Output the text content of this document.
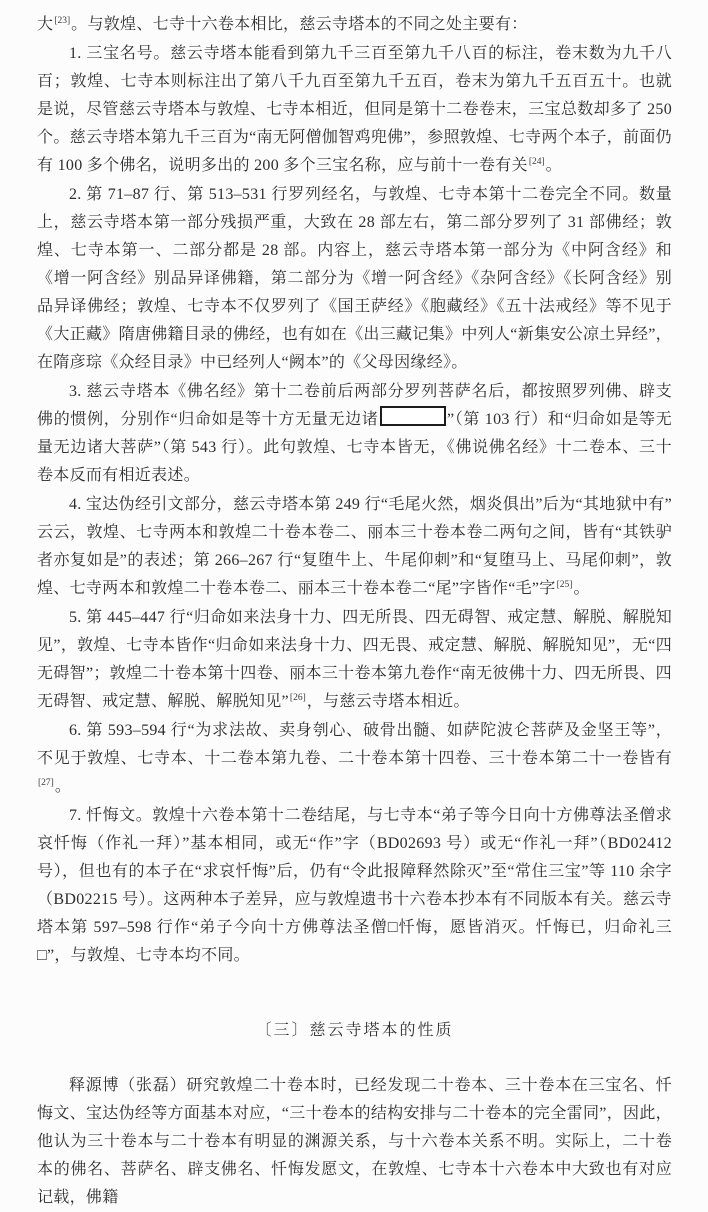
大[23]。与敦煌、七寺十六卷本相比，慈云寺塔本的不同之处主要有：

1. 三宝名号。慈云寺塔本能看到第九千三百至第九千八百的标注，卷末数为九千八百；敦煌、七寺本则标注出了第八千九百至第九千五百，卷末为第九千五百五十。也就是说，尽管慈云寺塔本与敦煌、七寺本相近，但同是第十二卷卷末，三宝总数却多了 250 个。慈云寺塔本第九千三百为“南无阿僧伽智鸡兜佛”，参照敦煌、七寺两个本子，前面仍有 100 多个佛名，说明多出的 200 多个三宝名称，应与前十一卷有关[24]。

2. 第 71–87 行、第 513–531 行罗列经名，与敦煌、七寺本第十二卷完全不同。数量上，慈云寺塔本第一部分残损严重，大致在 28 部左右，第二部分罗列了 31 部佛经；敦煌、七寺本第一、二部分都是 28 部。内容上，慈云寺塔本第一部分为《中阿含经》和《增一阿含经》别品异译佛籍，第二部分为《增一阿含经》《杂阿含经》《长阿含经》别品异译佛经；敦煌、七寺本不仅罗列了《国王萨经》《胞藏经》《五十法戒经》等不见于《大正藏》隋唐佛籍目录的佛经，也有如在《出三藏记集》中列人“新集安公凉土异经”，在隋彦琮《众经目录》中已经列人“阙本”的《父母因缘经》。

3. 慈云寺塔本《佛名经》第十二卷前后两部分罗列菩萨名后，都按照罗列佛、辟支佛的惯例，分别作“归命如是等十方无量无边诸	”（第 103 行）和“归命如是等无量无边诸大菩萨”（第 543 行）。此句敦煌、七寺本皆无，《佛说佛名经》十二卷本、三十卷本反而有相近表述。

4. 宝达伪经引文部分，慈云寺塔本第 249 行“毛尾火然，烟炎俱出”后为“其地狱中有”云云，敦煌、七寺两本和敦煌二十卷本卷二、丽本三十卷本卷二两句之间，皆有“其铁驴者亦复如是”的表述；第 266–267 行“复堕牛上、牛尾仰刺”和“复堕马上、马尾仰刺”，敦煌、七寺两本和敦煌二十卷本卷二、丽本三十卷本卷二“尾”字皆作“毛”字[25]。

5. 第 445–447 行“归命如来法身十力、四无所畏、四无碍智、戒定慧、解脱、解脱知见”，敦煌、七寺本皆作“归命如来法身十力、四无畏、戒定慧、解脱、解脱知见”，无“四无碍智”；敦煌二十卷本第十四卷、丽本三十卷本第九卷作“南无彼佛十力、四无所畏、四无碍智、戒定慧、解脱、解脱知见”[26]，与慈云寺塔本相近。

6. 第 593–594 行“为求法故、卖身刳心、破骨出髓、如萨陀波仑菩萨及金坚王等”，不见于敦煌、七寺本、十二卷本第九卷、二十卷本第十四卷、三十卷本第二十一卷皆有[27]。

7. 忏悔文。敦煌十六卷本第十二卷结尾，与七寺本“弟子等今日向十方佛尊法圣僧求哀忏悔（作礼一拜）”基本相同，或无“作”字（BD02693 号）或无“作礼一拜”（BD02412 号），但也有的本子在“求哀忏悔”后，仍有“令此报障释然除灭”至“常住三宝”等 110 余字（BD02215 号）。这两种本子差异，应与敦煌遗书十六卷本抄本有不同版本有关。慈云寺塔本第 597–598 行作“弟子今向十方佛尊法圣僧□忏悔，愿皆消灭。忏悔已，归命礼三□”，与敦煌、七寺本均不同。

〔三〕慈云寺塔本的性质

释源博（张磊）研究敦煌二十卷本时，已经发现二十卷本、三十卷本在三宝名、忏悔文、宝达伪经等方面基本对应，“三十卷本的结构安排与二十卷本的完全雷同”，因此，他认为三十卷本与二十卷本有明显的渊源关系，与十六卷本关系不明。实际上，二十卷本的佛名、菩萨名、辟支佛名、忏悔发愿文，在敦煌、七寺本十六卷本中大致也有对应记载，佛籍
